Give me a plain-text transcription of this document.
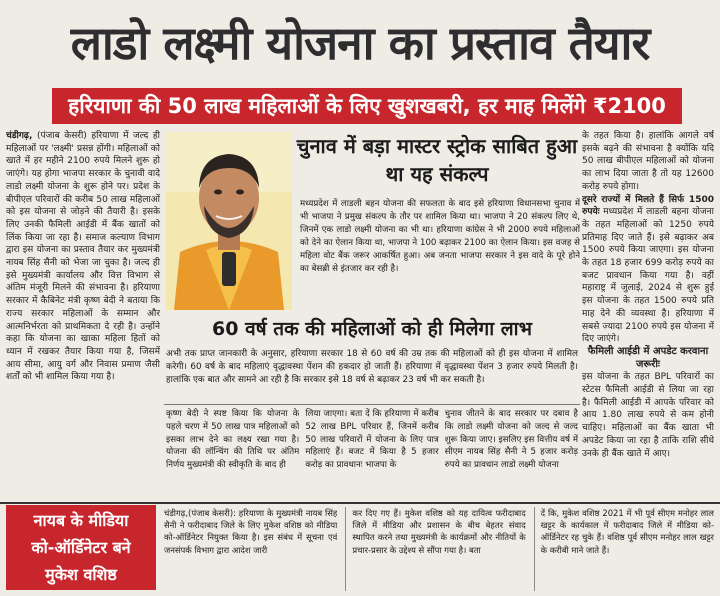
लाडो लक्ष्मी योजना का प्रस्ताव तैयार
हरियाणा की 50 लाख महिलाओं के लिए खुशखबरी, हर माह मिलेंगे ₹2100

चंडीगढ़, (पंजाब केसरी) हरियाणा में जल्द ही महिलाओं पर 'लक्ष्मी' प्रसन्न होंगी। महिलाओं को खाते में हर महीने 2100 रुपये मिलने शुरू हो जाएंगे। यह होगा भाजपा सरकार के चुनावी वादे लाडो लक्ष्मी योजना के शुरू होने पर। प्रदेश के बीपीएल परिवारों की करीब 50 लाख महिलाओं को इस योजना से जोड़ने की तैयारी है। इसके लिए उनकी फैमिली आईडी में बैंक खातों को लिंक किया जा रहा है। समाज कल्याण विभाग द्वारा इस योजना का प्रस्ताव तैयार कर मुख्यमंत्री नायब सिंह सैनी को भेजा जा चुका है। जल्द ही इसे मुख्यमंत्री कार्यालय और वित्त विभाग से अंतिम मंजूरी मिलने की संभावना है। हरियाणा सरकार में कैबिनेट मंत्री कृष्ण बेदी ने बताया कि राज्य सरकार महिलाओं के सम्मान और आत्मनिर्भरता को प्राथमिकता दे रही है। उन्होंने कहा कि योजना का खाका महिला हितों को ध्यान में रखकर तैयार किया गया है, जिसमें आय सीमा, आयु वर्ग और निवास प्रमाण जैसी शर्तों को भी शामिल किया गया है।

चुनाव में बड़ा मास्टर स्ट्रोक साबित हुआ था यह संकल्प
मध्यप्रदेश में लाडली बहन योजना की सफलता के बाद इसे हरियाणा विधानसभा चुनाव में भी भाजपा ने प्रमुख संकल्प के तौर पर शामिल किया था। भाजपा ने 20 संकल्प लिए थे, जिनमें एक लाडो लक्ष्मी योजना का भी था। हरियाणा कांग्रेस ने भी 2000 रुपये महिलाओं को देने का ऐलान किया था, भाजपा ने 100 बढ़ाकर 2100 का ऐलान किया। इस वजह से महिला वोट बैंक जरूर आकर्षित हुआ। अब जनता भाजपा सरकार ने इस वादे के पूरे होने का बेसब्री से इंतजार कर रही है।
60 वर्ष तक की महिलाओं को ही मिलेगा लाभ
अभी तक प्राप्त जानकारी के अनुसार, हरियाणा सरकार 18 से 60 वर्ष की उम्र तक की महिलाओं को ही इस योजना में शामिल करेगी। 60 वर्ष के बाद महिलाएं वृद्धावस्था पेंशन की हकदार हो जाती हैं। हरियाणा में वृद्धावस्था पेंशन 3 हजार रुपये मिलती है। हालांकि एक बात और सामने आ रही है कि सरकार इसे 18 वर्ष से बढ़ाकर 23 वर्ष भी कर सकती है।
कृष्ण बेदी ने स्पष्ट किया कि योजना के पहले चरण में 50 लाख पात्र महिलाओं को इसका लाभ देने का लक्ष्य रखा गया है। योजना की लॉन्चिंग की तिथि पर अंतिम निर्णय मुख्यमंत्री की स्वीकृति के बाद ही
लिया जाएगा। बता दें कि हरियाणा में करीब 52 लाख BPL परिवार हैं, जिनमें करीब 50 लाख परिवारों में योजना के लिए पात्र महिलाएं हैं। बजट में किया है 5 हजार करोड़ का प्रावधानः भाजपा के
चुनाव जीतने के बाद सरकार पर दबाव है कि लाडो लक्ष्मी योजना को जल्द से जल्द शुरू किया जाए। इसलिए इस वित्तीय वर्ष में सीएम नायब सिंह सैनी ने 5 हजार करोड़ रुपये का प्रावधान लाडो लक्ष्मी योजना

के तहत किया है। हालांकि आगले वर्ष इसके बढ़ने की संभावना है क्योंकि यदि 50 लाख बीपीएल महिलाओं को योजना का लाभ दिया जाता है तो यह 12600 करोड़ रुपये होगा।

दूसरे राज्यों में मिलते हैं सिर्फ 1500 रुपयेः मध्यप्रदेश में लाडली बहना योजना के तहत महिलाओं को 1250 रुपये प्रतिमाह दिए जाते हैं। इसे बढ़ाकर अब 1500 रुपये किया जाएगा। इस योजना के तहत 18 हजार 699 करोड़ रुपये का बजट प्रावधान किया गया है। वहीं महाराष्ट्र में जुलाई, 2024 से शुरू हुई इस योजना के तहत 1500 रुपये प्रति माह देने की व्यवस्था है। हरियाणा में सबसे ज्यादा 2100 रुपये इस योजना में दिए जाएंगे।

फैमिली आईडी में अपडेट करवाना जरूरीः

इस योजना के तहत BPL परिवारों का स्टेटस फैमिली आईडी से लिया जा रहा है। फैमिली आईडी में आपके परिवार को आय 1.80 लाख रुपये से कम होनी चाहिए। महिलाओं का बैंक खाता भी अपडेट किया जा रहा है ताकि राशि सीधे उनके ही बैंक खाते में आए।

नायब के मीडिया
को-ऑर्डिनेटर बने
मुकेश वशिष्ठ
चंडीगढ़,(पंजाब केसरी): हरियाणा के मुख्यमंत्री नायब सिंह सैनी ने फरीदाबाद जिले के लिए मुकेश वशिष्ठ को मीडिया को-ऑर्डिनेटर नियुक्त किया है। इस संबंध में सूचना एवं जनसंपर्क विभाग द्वारा आदेश जारी
कर दिए गए हैं। मुकेश वशिष्ठ को यह दायित्व फरीदाबाद जिले में मीडिया और प्रशासन के बीच बेहतर संवाद स्थापित करने तथा मुख्यमंत्री के कार्यक्रमों और नीतियों के प्रचार-प्रसार के उद्देश्य से सौंपा गया है। बता
दें कि, मुकेश वशिष्ठ 2021 में भी पूर्व सीएम मनोहर लाल खट्टर के कार्यकाल में फरीदाबाद जिले में मीडिया को-ऑर्डिनेटर रह चुके हैं। वशिष्ठ पूर्व सीएम मनोहर लाल खट्टर के करीबी माने जाते हैं।
